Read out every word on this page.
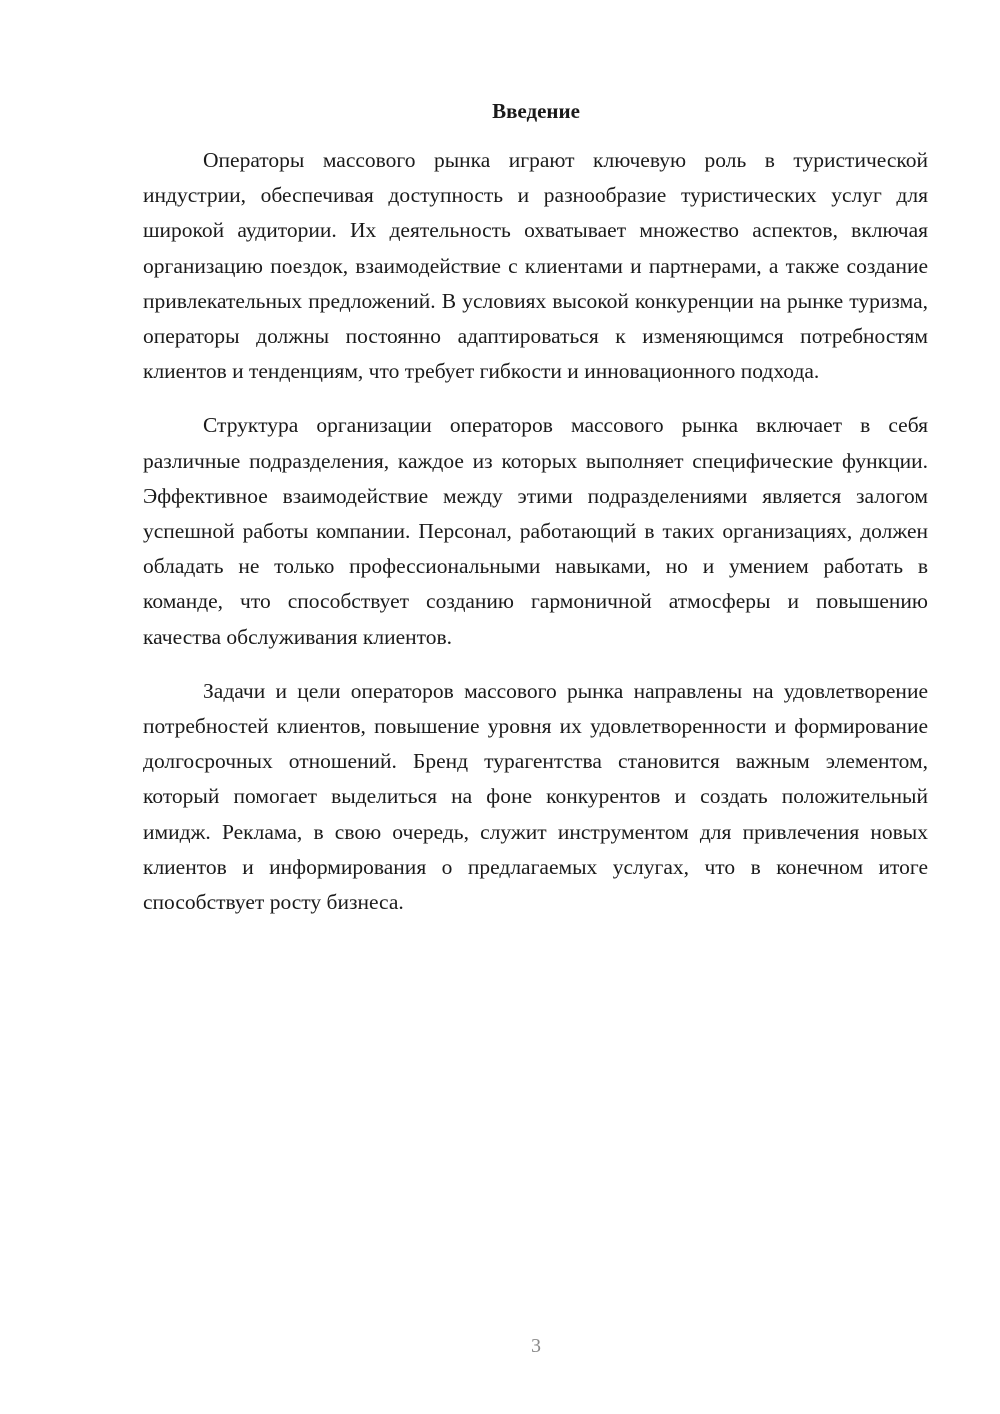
Введение

Операторы массового рынка играют ключевую роль в туристической индустрии, обеспечивая доступность и разнообразие туристических услуг для широкой аудитории. Их деятельность охватывает множество аспектов, включая организацию поездок, взаимодействие с клиентами и партнерами, а также создание привлекательных предложений. В условиях высокой конкуренции на рынке туризма, операторы должны постоянно адаптироваться к изменяющимся потребностям клиентов и тенденциям, что требует гибкости и инновационного подхода.

Структура организации операторов массового рынка включает в себя различные подразделения, каждое из которых выполняет специфические функции. Эффективное взаимодействие между этими подразделениями является залогом успешной работы компании. Персонал, работающий в таких организациях, должен обладать не только профессиональными навыками, но и умением работать в команде, что способствует созданию гармоничной атмосферы и повышению качества обслуживания клиентов.

Задачи и цели операторов массового рынка направлены на удовлетворение потребностей клиентов, повышение уровня их удовлетворенности и формирование долгосрочных отношений. Бренд турагентства становится важным элементом, который помогает выделиться на фоне конкурентов и создать положительный имидж. Реклама, в свою очередь, служит инструментом для привлечения новых клиентов и информирования о предлагаемых услугах, что в конечном итоге способствует росту бизнеса.

3
